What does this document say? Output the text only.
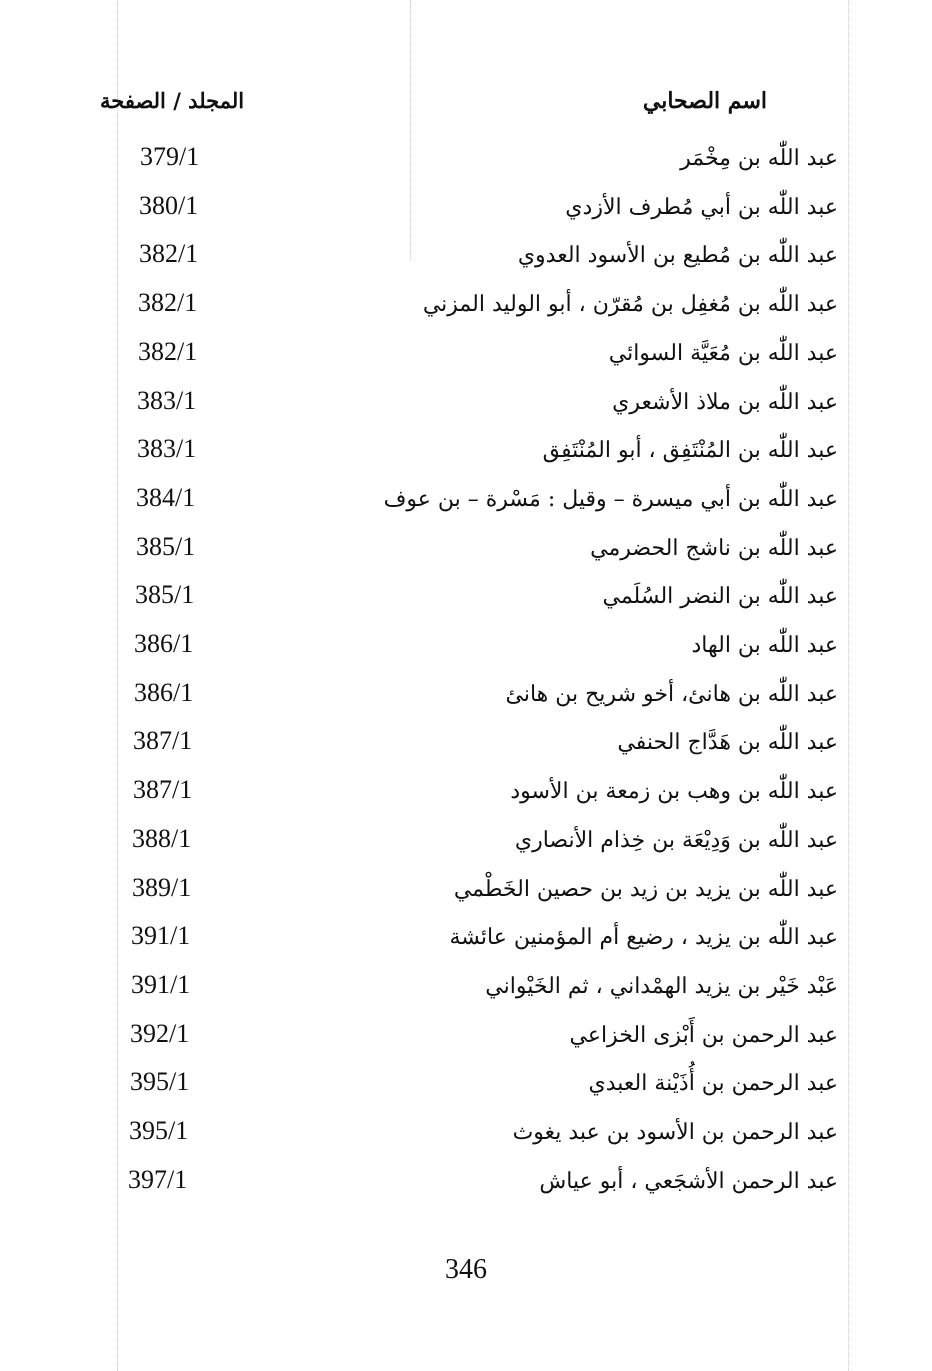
اسم الصحابي
المجلد / الصفحة
عبد اللّٰه بن مِخْمَر
379/1
عبد اللّٰه بن أبي مُطرف الأزدي
380/1
عبد اللّٰه بن مُطيع بن الأسود العدوي
382/1
عبد اللّٰه بن مُغفِل بن مُقرّن ، أبو الوليد المزني
382/1
عبد اللّٰه بن مُعَيَّة السوائي
382/1
عبد اللّٰه بن ملاذ الأشعري
383/1
عبد اللّٰه بن المُنْتَفِق ، أبو المُنْتَفِق
383/1
عبد اللّٰه بن أبي ميسرة – وقيل : مَسْرة – بن عوف
384/1
عبد اللّٰه بن ناشج الحضرمي
385/1
عبد اللّٰه بن النضر السُلَمي
385/1
عبد اللّٰه بن الهاد
386/1
عبد اللّٰه بن هانئ، أخو شريح بن هانئ
386/1
عبد اللّٰه بن هَدَّاج الحنفي
387/1
عبد اللّٰه بن وهب بن زمعة بن الأسود
387/1
عبد اللّٰه بن وَدِيْعَة بن خِذام الأنصاري
388/1
عبد اللّٰه بن يزيد بن زيد بن حصين الخَطْمي
389/1
عبد اللّٰه بن يزيد ، رضيع أم المؤمنين عائشة
391/1
عَبْد خَيْر بن يزيد الهمْداني ، ثم الخَيْواني
391/1
عبد الرحمن بن أَبْزى الخزاعي
392/1
عبد الرحمن بن أُذَيْنة العبدي
395/1
عبد الرحمن بن الأسود بن عبد يغوث
395/1
عبد الرحمن الأشجَعي ، أبو عياش
397/1
346
